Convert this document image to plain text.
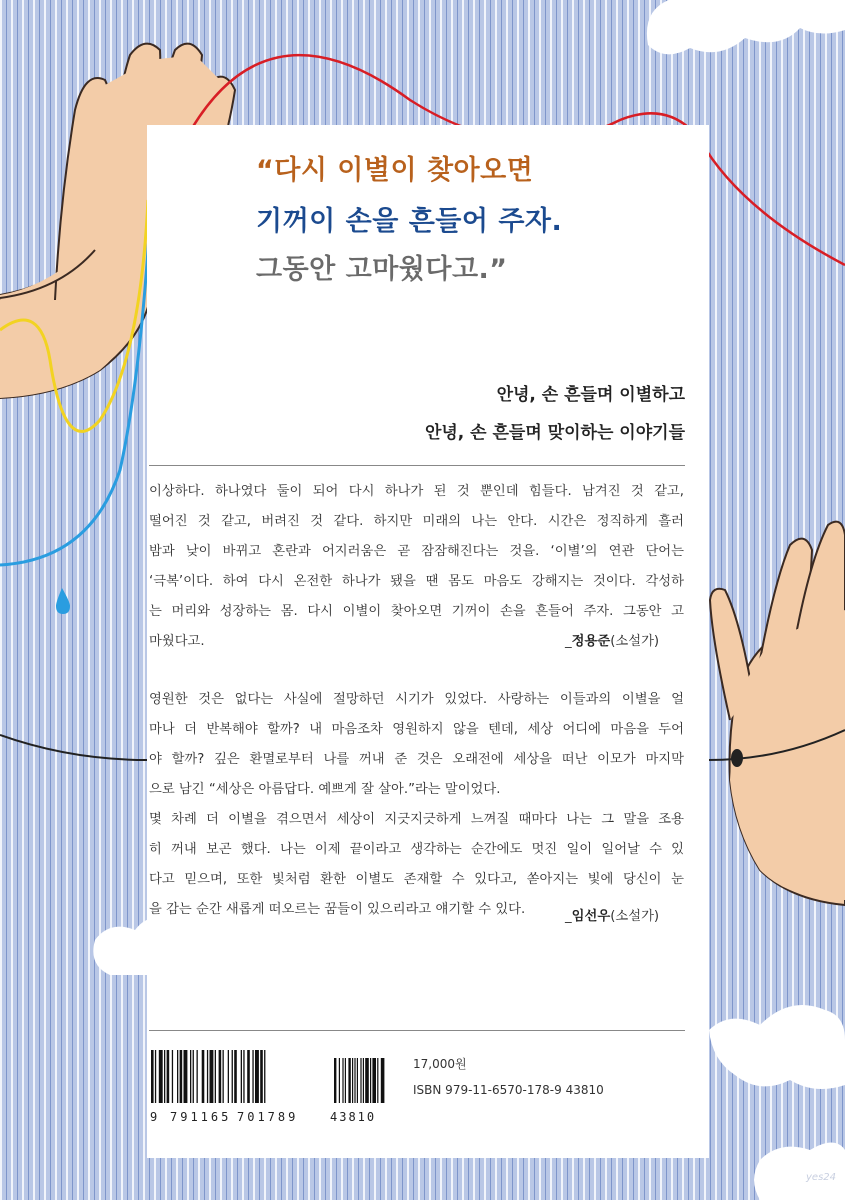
“다시 이별이 찾아오면
기꺼이 손을 흔들어 주자.
그동안 고마웠다고.”
안녕, 손 흔들며 이별하고
안녕, 손 흔들며 맞이하는 이야기들
이상하다. 하나였다 둘이 되어 다시 하나가 된 것 뿐인데 힘들다. 남겨진 것 같고,
떨어진 것 같고, 버려진 것 같다. 하지만 미래의 나는 안다. 시간은 정직하게 흘러
밤과 낮이 바뀌고 혼란과 어지러움은 곧 잠잠해진다는 것을. ‘이별’의 연관 단어는
‘극복’이다. 하여 다시 온전한 하나가 됐을 땐 몸도 마음도 강해지는 것이다. 각성하
는 머리와 성장하는 몸. 다시 이별이 찾아오면 기꺼이 손을 흔들어 주자. 그동안 고
마웠다고.	_정용준(소설가)
영원한 것은 없다는 사실에 절망하던 시기가 있었다. 사랑하는 이들과의 이별을 얼
마나 더 반복해야 할까? 내 마음조차 영원하지 않을 텐데, 세상 어디에 마음을 두어
야 할까? 깊은 환멸로부터 나를 꺼내 준 것은 오래전에 세상을 떠난 이모가 마지막
으로 남긴 “세상은 아름답다. 예쁘게 잘 살아.”라는 말이었다.
몇 차례 더 이별을 겪으면서 세상이 지긋지긋하게 느껴질 때마다 나는 그 말을 조용
히 꺼내 보곤 했다. 나는 이제 끝이라고 생각하는 순간에도 멋진 일이 일어날 수 있
다고 믿으며, 또한 빛처럼 환한 이별도 존재할 수 있다고, 쏟아지는 빛에 당신이 눈
을 감는 순간 새롭게 떠오르는 꿈들이 있으리라고 얘기할 수 있다.	_임선우(소설가)
9 791165 701789	43810
17,000원
ISBN 979-11-6570-178-9 43810
yes24
